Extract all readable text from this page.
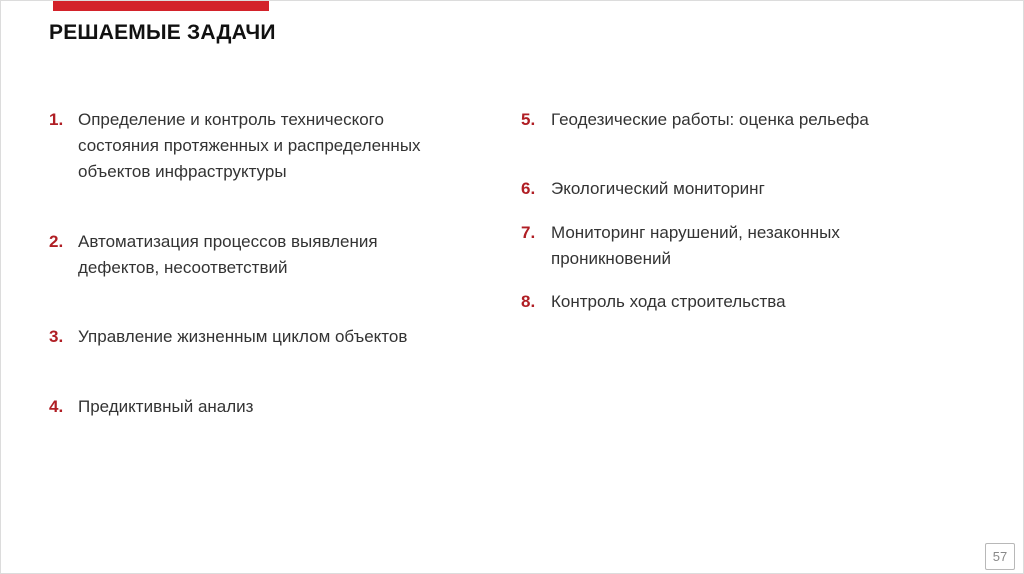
РЕШАЕМЫЕ ЗАДАЧИ
1. Определение и контроль технического
состояния протяженных и распределенных
объектов инфраструктуры
2. Автоматизация процессов выявления
дефектов, несоответствий
3. Управление жизненным циклом объектов
4. Предиктивный анализ
5. Геодезические работы: оценка рельефа
6. Экологический мониторинг
7. Мониторинг нарушений, незаконных
проникновений
8. Контроль хода строительства
57
